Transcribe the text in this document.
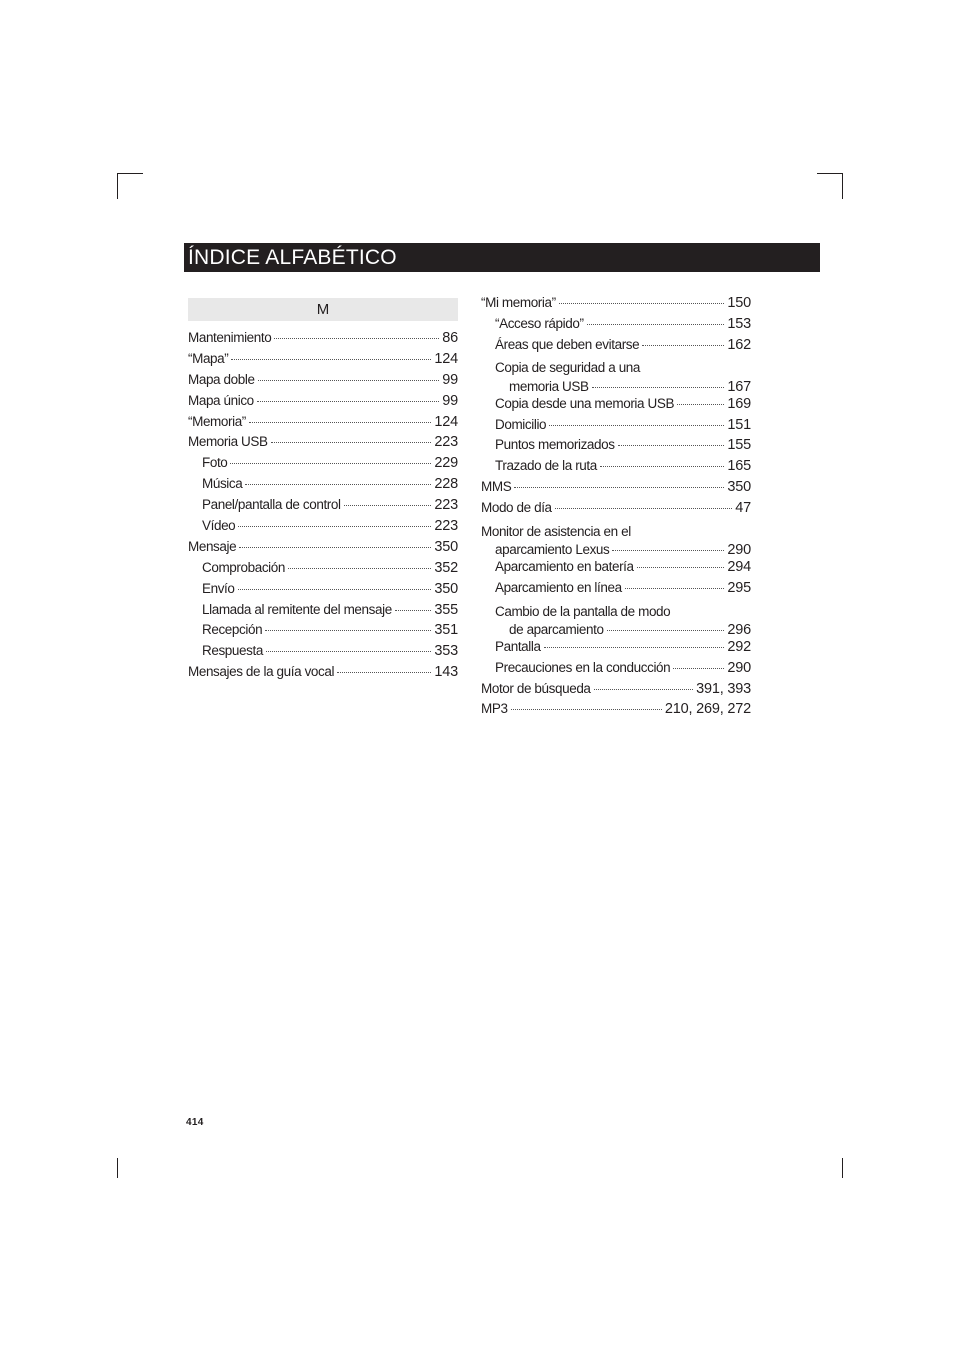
ÍNDICE ALFABÉTICO
M
Mantenimiento	86
“Mapa”	124
Mapa doble	99
Mapa único	99
“Memoria”	124
Memoria USB	223
Foto	229
Música	228
Panel/pantalla de control	223
Vídeo	223
Mensaje	350
Comprobación	352
Envío	350
Llamada al remitente del mensaje	355
Recepción	351
Respuesta	353
Mensajes de la guía vocal	143
“Mi memoria”	150
“Acceso rápido”	153
Áreas que deben evitarse	162
Copia de seguridad a una
memoria USB	167
Copia desde una memoria USB	169
Domicilio	151
Puntos memorizados	155
Trazado de la ruta	165
MMS	350
Modo de día	47
Monitor de asistencia en el
aparcamiento Lexus	290
Aparcamiento en batería	294
Aparcamiento en línea	295
Cambio de la pantalla de modo
de aparcamiento	296
Pantalla	292
Precauciones en la conducción	290
Motor de búsqueda	391, 393
MP3	210, 269, 272
414
